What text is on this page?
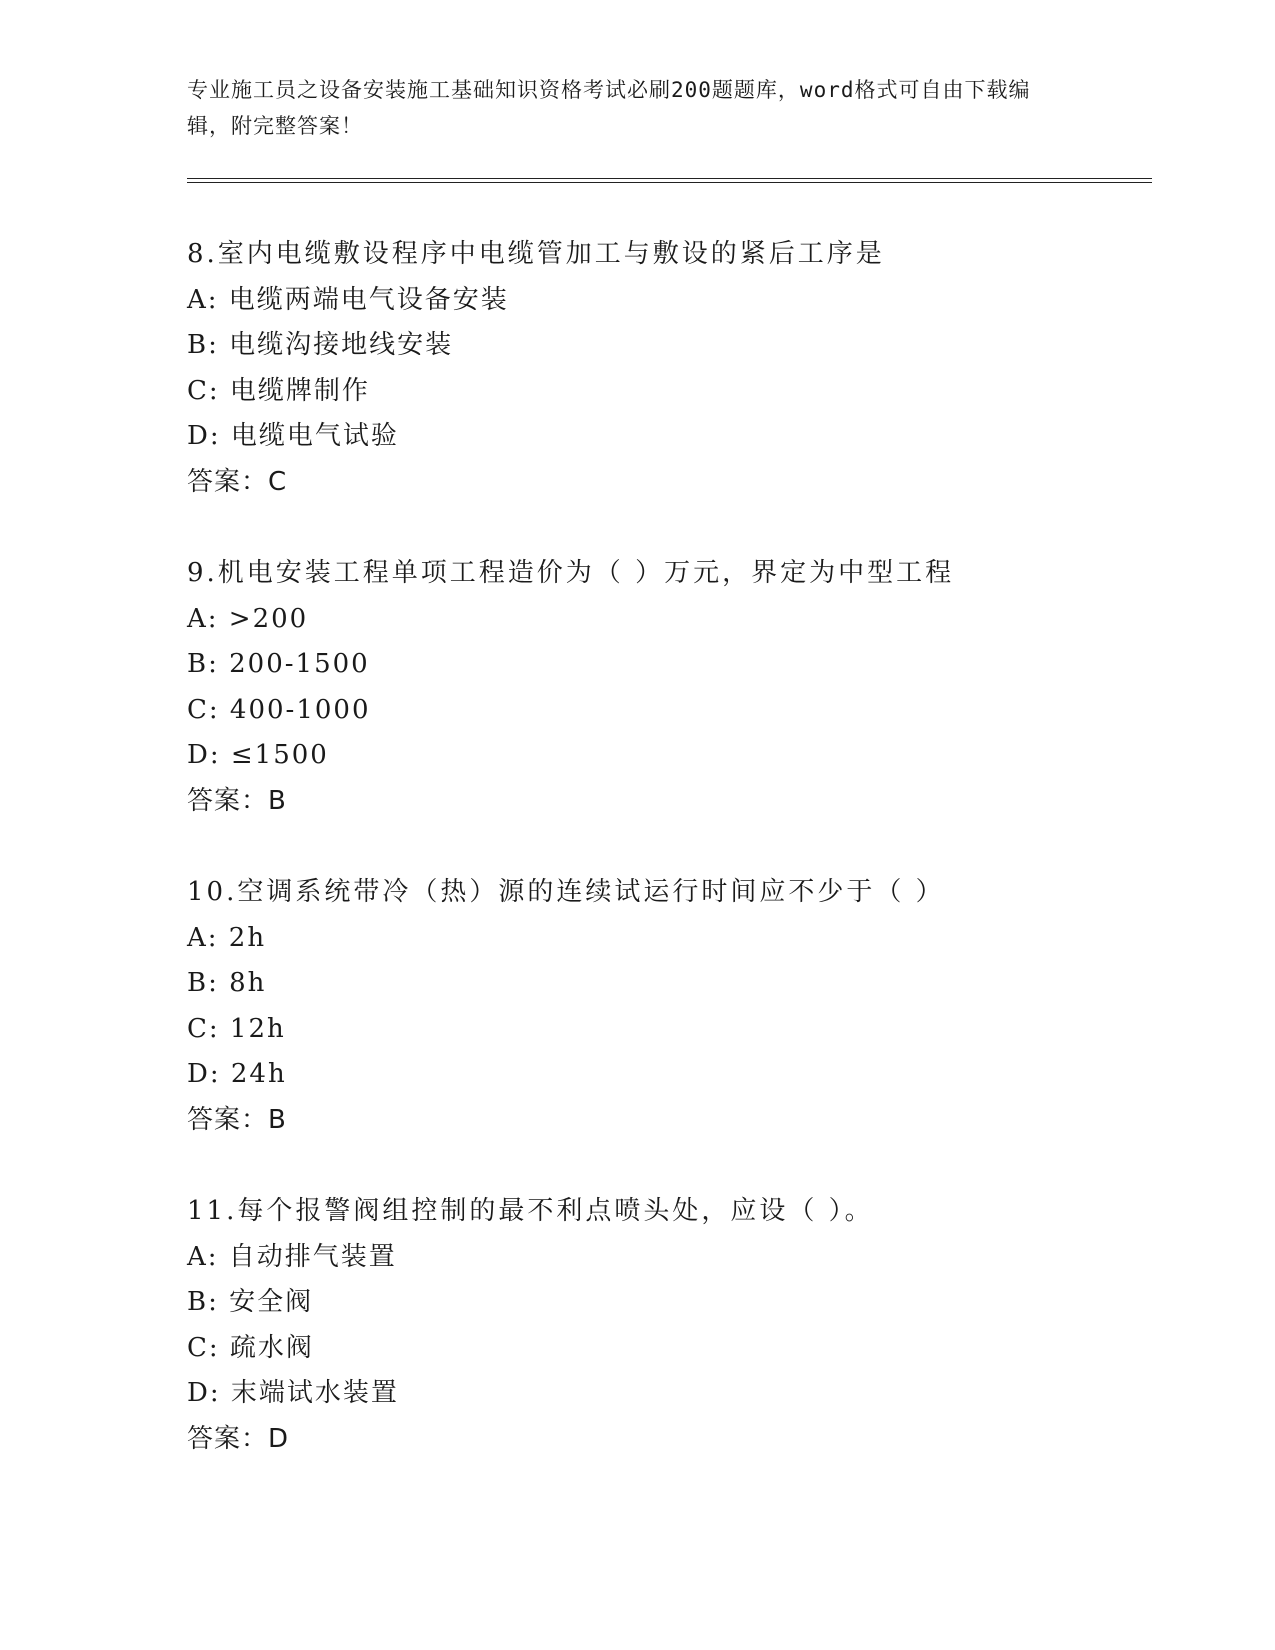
专业施工员之设备安装施工基础知识资格考试必刷200题题库，word格式可自由下载编辑，附完整答案！

8.室内电缆敷设程序中电缆管加工与敷设的紧后工序是
A: 电缆两端电气设备安装
B: 电缆沟接地线安装
C: 电缆牌制作
D: 电缆电气试验
答案：C
9.机电安装工程单项工程造价为（ ）万元，界定为中型工程
A: >200
B: 200-1500
C: 400-1000
D: ≤1500
答案：B
10.空调系统带冷（热）源的连续试运行时间应不少于（ ）
A: 2h
B: 8h
C: 12h
D: 24h
答案：B
11.每个报警阀组控制的最不利点喷头处，应设（ ）。
A: 自动排气装置
B: 安全阀
C: 疏水阀
D: 末端试水装置
答案：D
